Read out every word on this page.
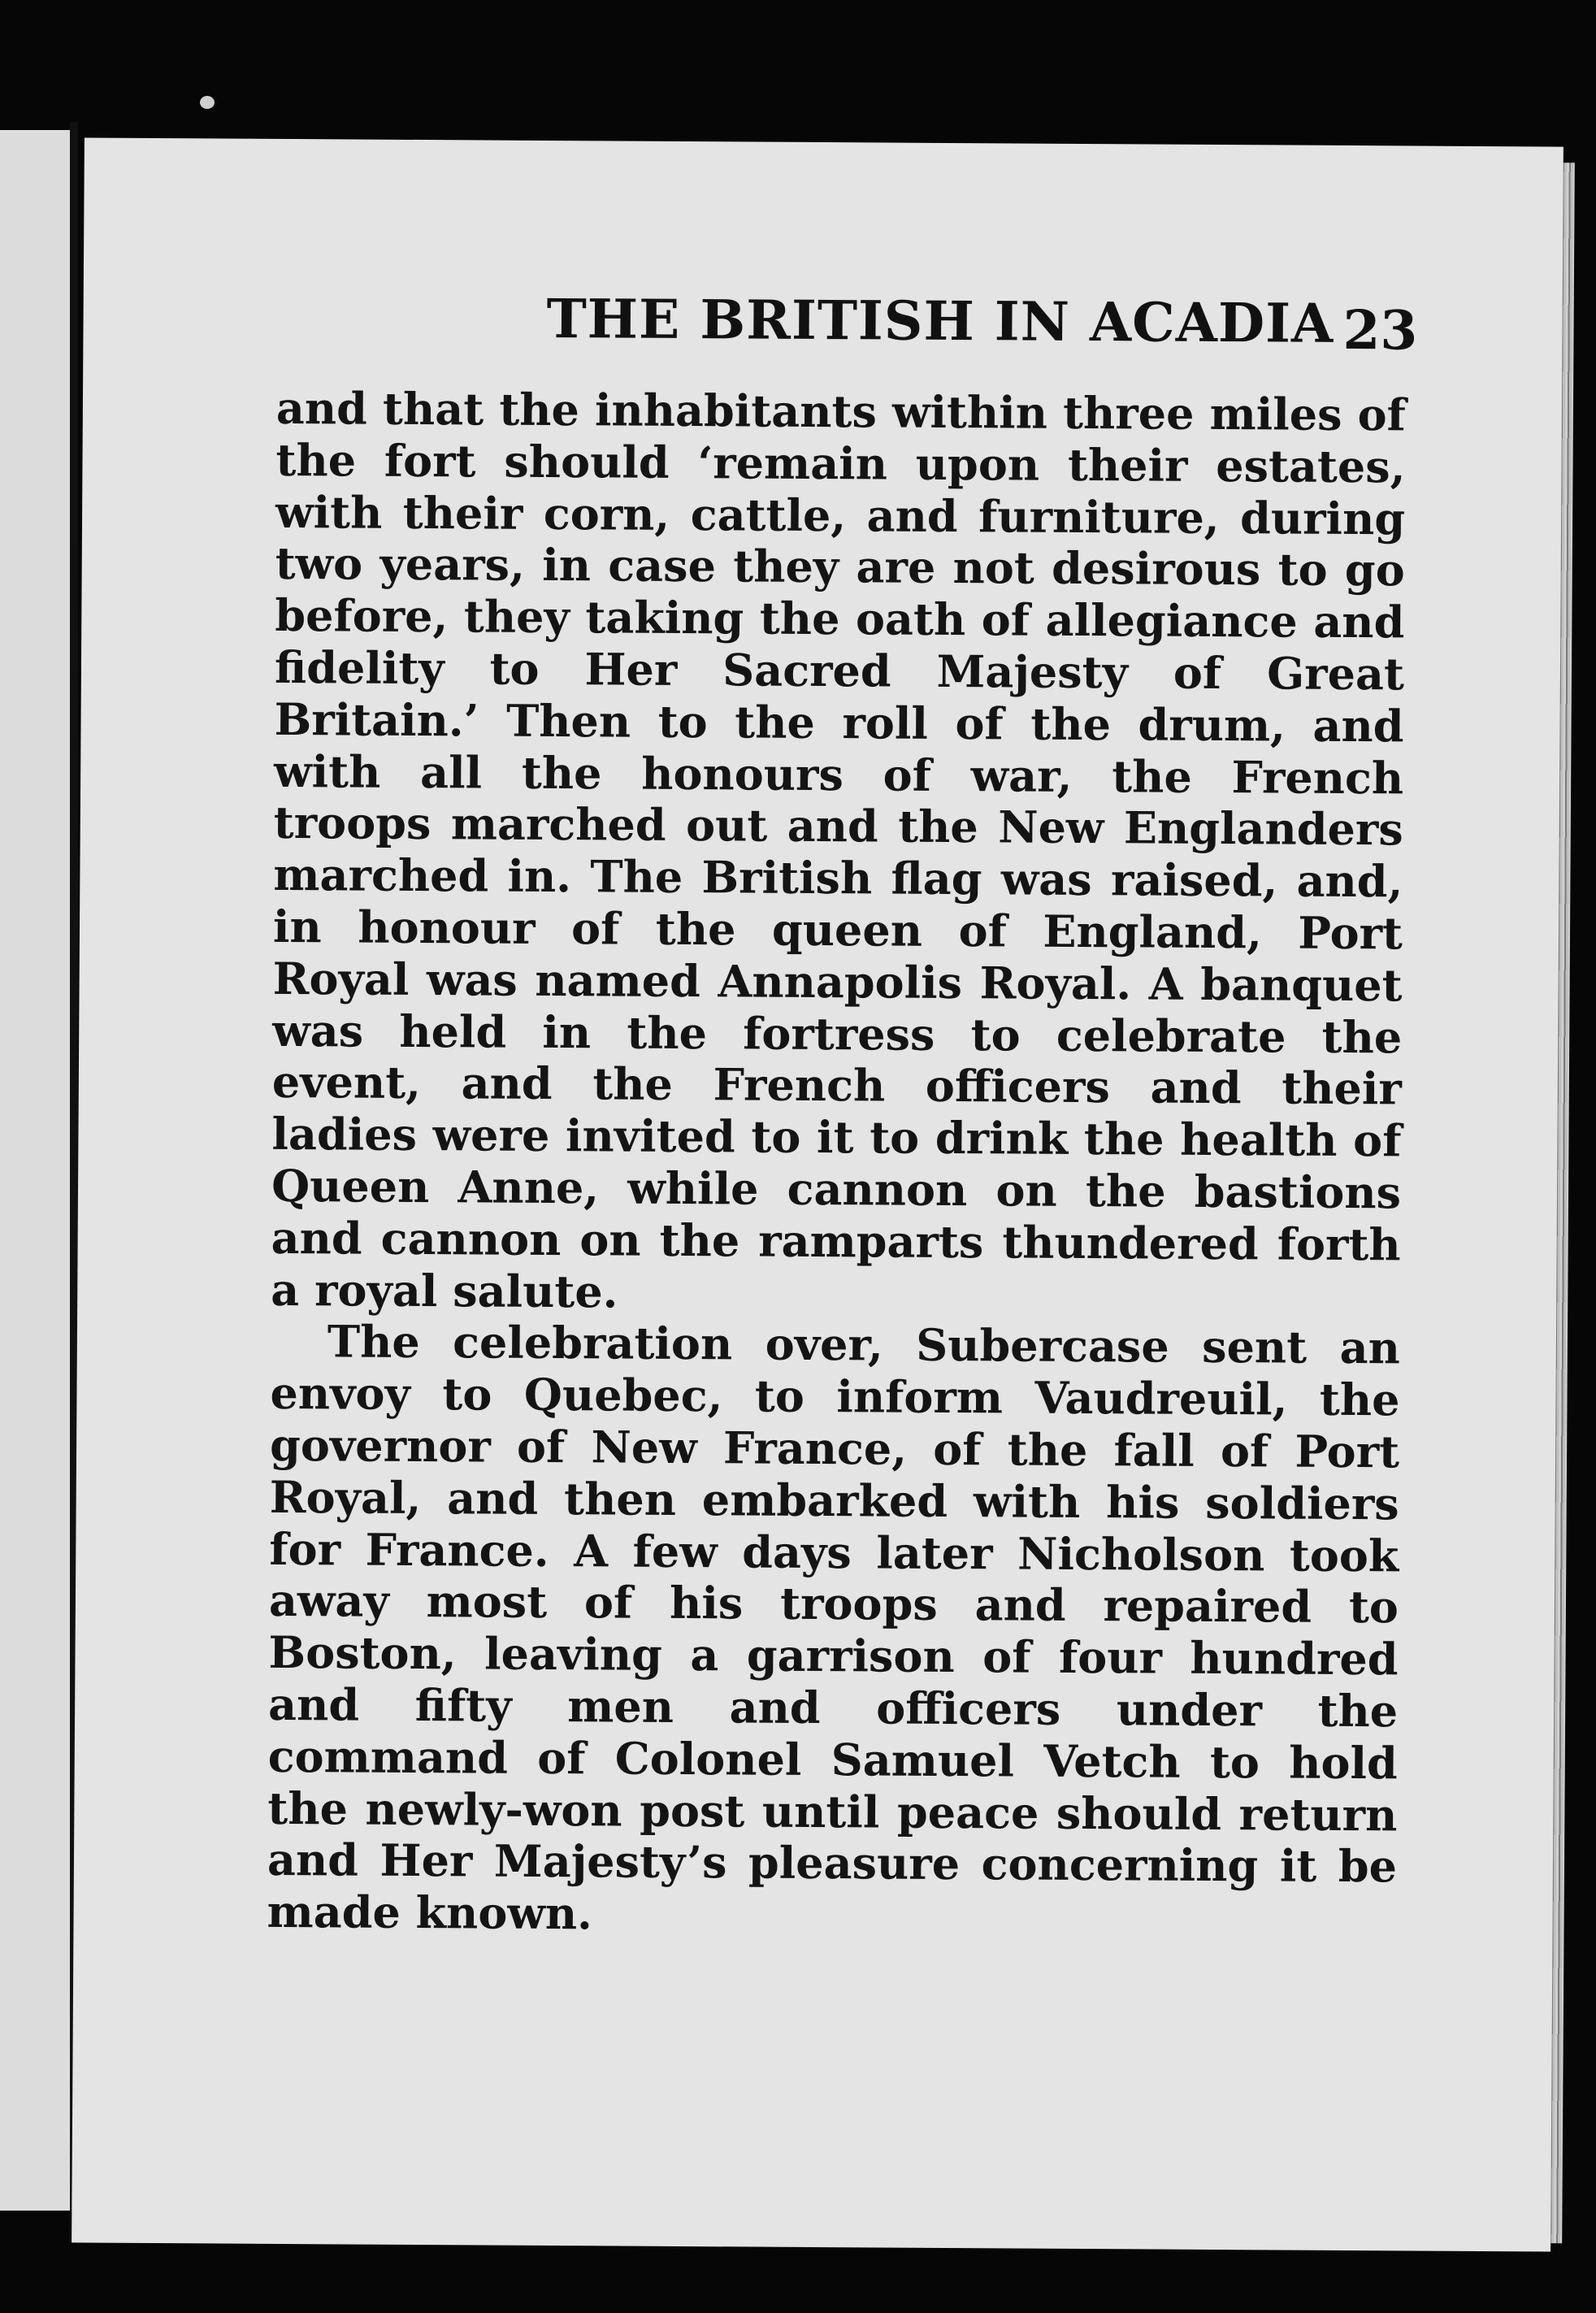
THE BRITISH IN ACADIA 23

and that the inhabitants within three miles of the fort should ‘remain upon their estates, with their corn, cattle, and furniture, during two years, in case they are not desirous to go before, they taking the oath of allegiance and fidelity to Her Sacred Majesty of Great Britain.’ Then to the roll of the drum, and with all the honours of war, the French troops marched out and the New Englanders marched in. The British flag was raised, and, in honour of the queen of England, Port Royal was named Annapolis Royal. A banquet was held in the fortress to celebrate the event, and the French officers and their ladies were invited to it to drink the health of Queen Anne, while cannon on the bastions and cannon on the ramparts thundered forth a royal salute.

The celebration over, Subercase sent an envoy to Quebec, to inform Vaudreuil, the governor of New France, of the fall of Port Royal, and then embarked with his soldiers for France. A few days later Nicholson took away most of his troops and repaired to Boston, leaving a garrison of four hundred and fifty men and officers under the command of Colonel Samuel Vetch to hold the newly-won post until peace should return and Her Majesty’s pleasure concerning it be made known.
